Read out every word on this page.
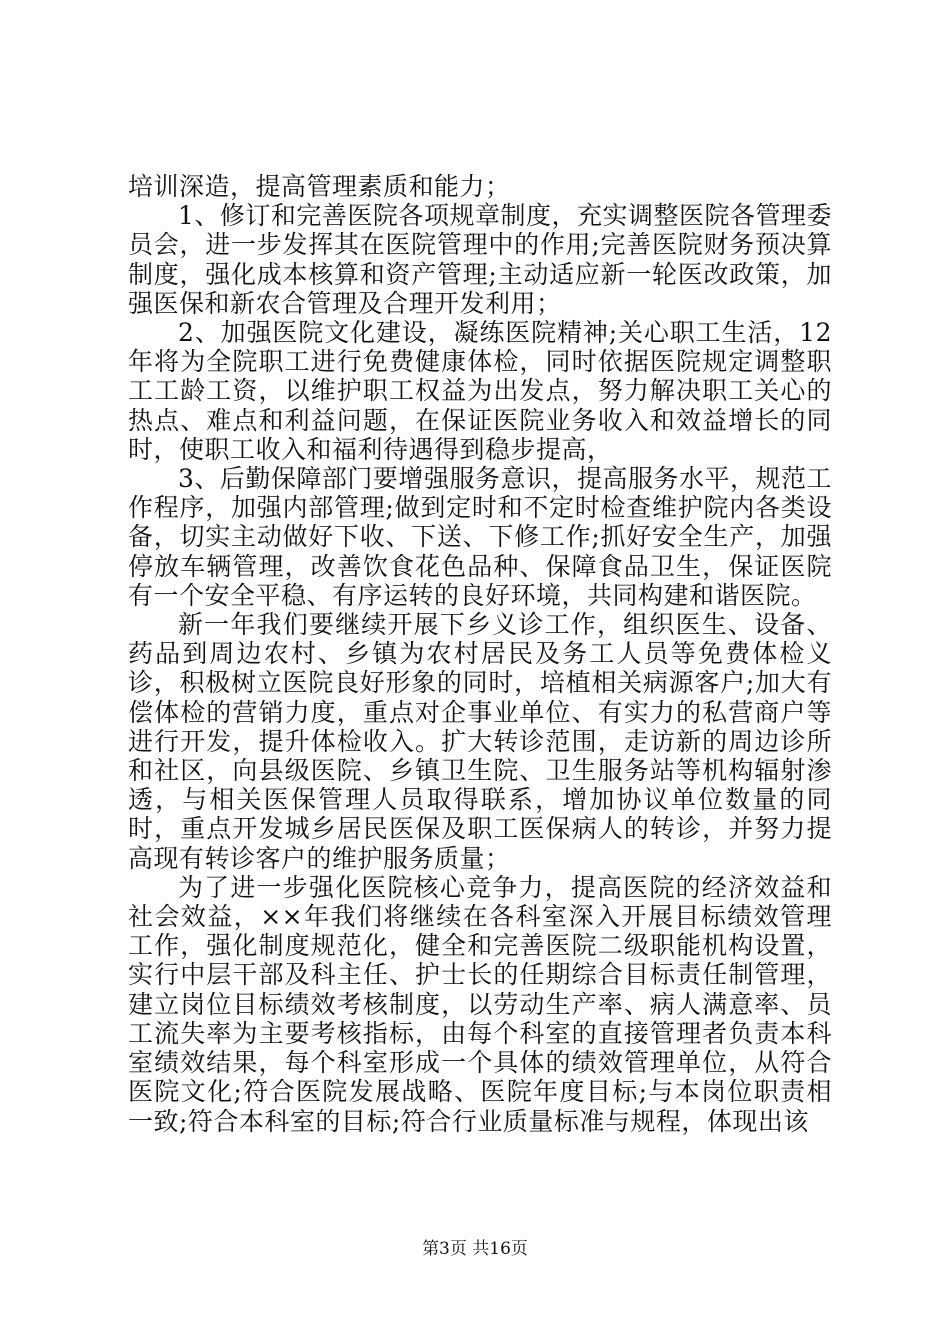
培训深造，提高管理素质和能力；

1、修订和完善医院各项规章制度，充实调整医院各管理委员会，进一步发挥其在医院管理中的作用;完善医院财务预决算制度，强化成本核算和资产管理;主动适应新一轮医改政策，加强医保和新农合管理及合理开发利用；

2、加强医院文化建设，凝练医院精神;关心职工生活，12年将为全院职工进行免费健康体检，同时依据医院规定调整职工工龄工资，以维护职工权益为出发点，努力解决职工关心的热点、难点和利益问题，在保证医院业务收入和效益增长的同时，使职工收入和福利待遇得到稳步提高，

3、后勤保障部门要增强服务意识，提高服务水平，规范工作程序，加强内部管理;做到定时和不定时检查维护院内各类设备，切实主动做好下收、下送、下修工作;抓好安全生产，加强停放车辆管理，改善饮食花色品种、保障食品卫生，保证医院有一个安全平稳、有序运转的良好环境，共同构建和谐医院。

新一年我们要继续开展下乡义诊工作，组织医生、设备、药品到周边农村、乡镇为农村居民及务工人员等免费体检义诊，积极树立医院良好形象的同时，培植相关病源客户;加大有偿体检的营销力度，重点对企事业单位、有实力的私营商户等进行开发，提升体检收入。扩大转诊范围，走访新的周边诊所和社区，向县级医院、乡镇卫生院、卫生服务站等机构辐射渗透，与相关医保管理人员取得联系，增加协议单位数量的同时，重点开发城乡居民医保及职工医保病人的转诊，并努力提高现有转诊客户的维护服务质量；

为了进一步强化医院核心竞争力，提高医院的经济效益和社会效益，××年我们将继续在各科室深入开展目标绩效管理工作，强化制度规范化，健全和完善医院二级职能机构设置，实行中层干部及科主任、护士长的任期综合目标责任制管理，建立岗位目标绩效考核制度，以劳动生产率、病人满意率、员工流失率为主要考核指标，由每个科室的直接管理者负责本科室绩效结果，每个科室形成一个具体的绩效管理单位，从符合医院文化;符合医院发展战略、医院年度目标;与本岗位职责相一致;符合本科室的目标;符合行业质量标准与规程，体现出该

第3页 共16页
